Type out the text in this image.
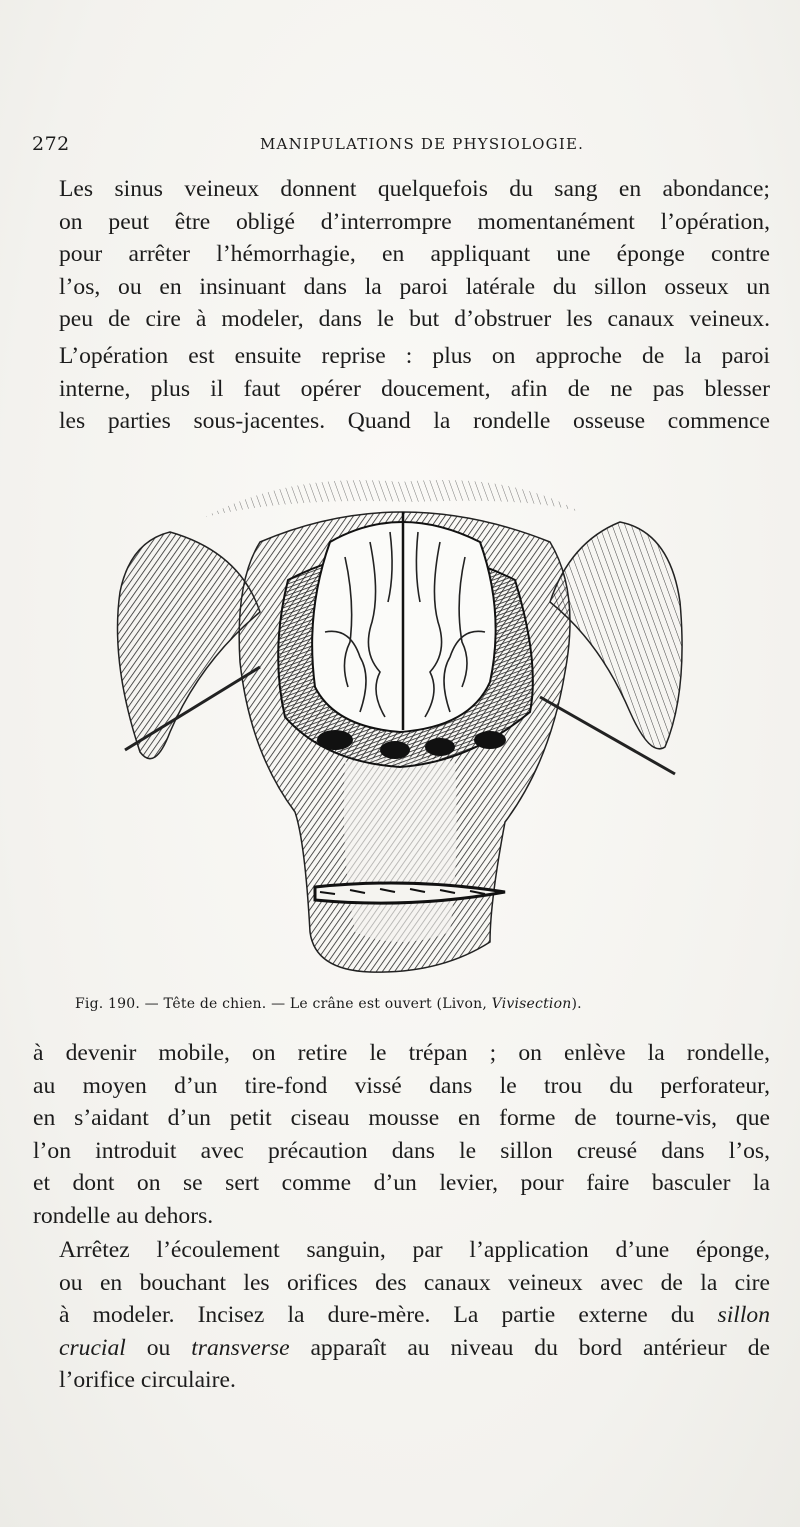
272	MANIPULATIONS DE PHYSIOLOGIE.

Les sinus veineux donnent quelquefois du sang en abondance;
on peut être obligé d’interrompre momentanément l’opération,
pour arrêter l’hémorrhagie, en appliquant une éponge contre
l’os, ou en insinuant dans la paroi latérale du sillon osseux un
peu de cire à modeler, dans le but d’obstruer les canaux veineux.

L’opération est ensuite reprise : plus on approche de la paroi
interne, plus il faut opérer doucement, afin de ne pas blesser
les parties sous-jacentes. Quand la rondelle osseuse commence

Fig. 190. — Tête de chien. — Le crâne est ouvert (Livon, Vivisection).

à devenir mobile, on retire le trépan ; on enlève la rondelle,
au moyen d’un tire-fond vissé dans le trou du perforateur,
en s’aidant d’un petit ciseau mousse en forme de tourne-vis, que
l’on introduit avec précaution dans le sillon creusé dans l’os,
et dont on se sert comme d’un levier, pour faire basculer la
rondelle au dehors.

Arrêtez l’écoulement sanguin, par l’application d’une éponge,
ou en bouchant les orifices des canaux veineux avec de la cire
à modeler. Incisez la dure-mère. La partie externe du sillon
crucial ou transverse apparaît au niveau du bord antérieur de
l’orifice circulaire.
